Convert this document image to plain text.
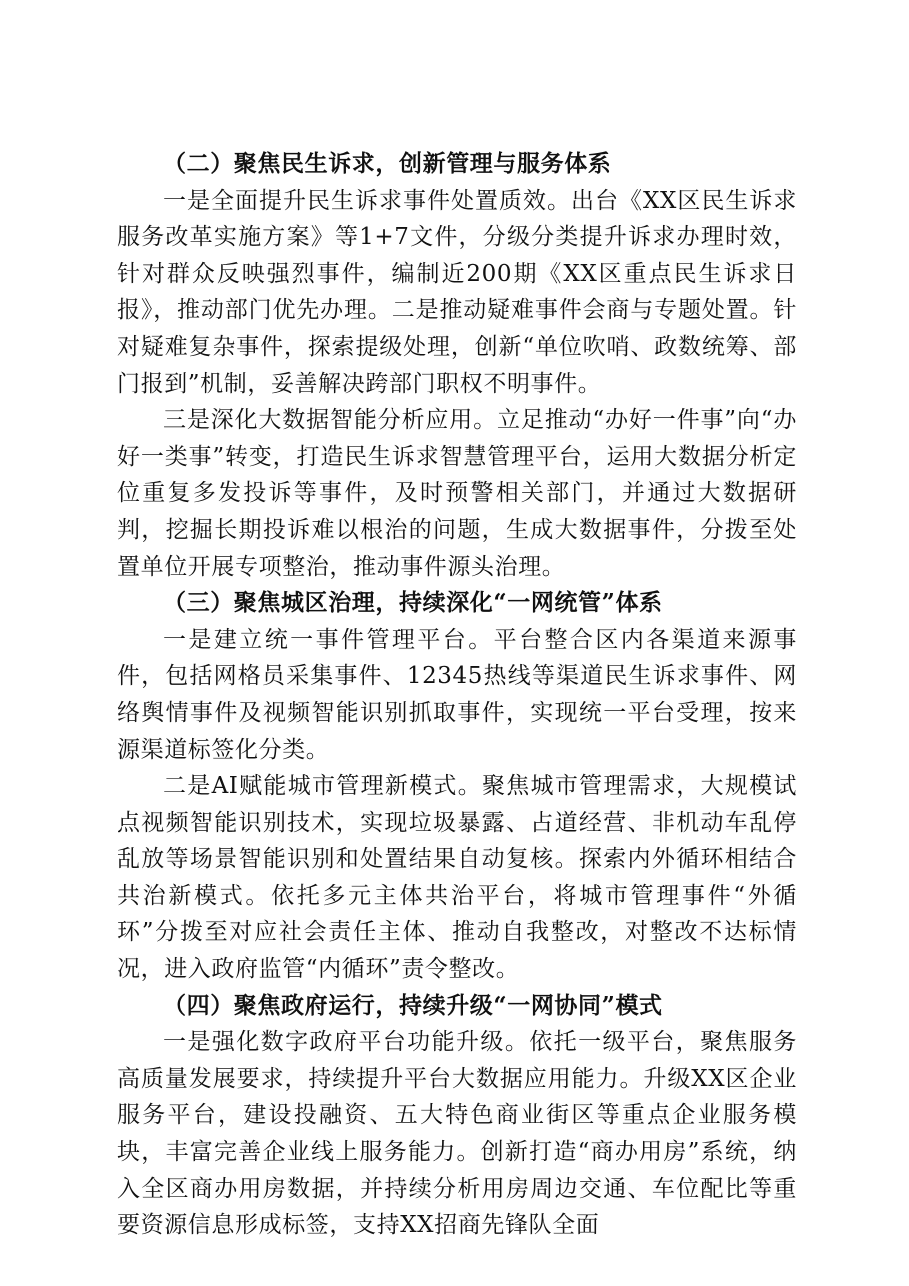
（二）聚焦民生诉求，创新管理与服务体系

一是全面提升民生诉求事件处置质效。出台《XX区民生诉求服务改革实施方案》等1+7文件，分级分类提升诉求办理时效，针对群众反映强烈事件，编制近200期《XX区重点民生诉求日报》，推动部门优先办理。二是推动疑难事件会商与专题处置。针对疑难复杂事件，探索提级处理，创新“单位吹哨、政数统筹、部门报到”机制，妥善解决跨部门职权不明事件。

三是深化大数据智能分析应用。立足推动“办好一件事”向“办好一类事”转变，打造民生诉求智慧管理平台，运用大数据分析定位重复多发投诉等事件，及时预警相关部门，并通过大数据研判，挖掘长期投诉难以根治的问题，生成大数据事件，分拨至处置单位开展专项整治，推动事件源头治理。

（三）聚焦城区治理，持续深化“一网统管”体系

一是建立统一事件管理平台。平台整合区内各渠道来源事件，包括网格员采集事件、12345热线等渠道民生诉求事件、网络舆情事件及视频智能识别抓取事件，实现统一平台受理，按来源渠道标签化分类。

二是AI赋能城市管理新模式。聚焦城市管理需求，大规模试点视频智能识别技术，实现垃圾暴露、占道经营、非机动车乱停乱放等场景智能识别和处置结果自动复核。探索内外循环相结合共治新模式。依托多元主体共治平台，将城市管理事件“外循环”分拨至对应社会责任主体、推动自我整改，对整改不达标情况，进入政府监管“内循环”责令整改。

（四）聚焦政府运行，持续升级“一网协同”模式

一是强化数字政府平台功能升级。依托一级平台，聚焦服务高质量发展要求，持续提升平台大数据应用能力。升级XX区企业服务平台，建设投融资、五大特色商业街区等重点企业服务模块，丰富完善企业线上服务能力。创新打造“商办用房”系统，纳入全区商办用房数据，并持续分析用房周边交通、车位配比等重要资源信息形成标签，支持XX招商先锋队全面
